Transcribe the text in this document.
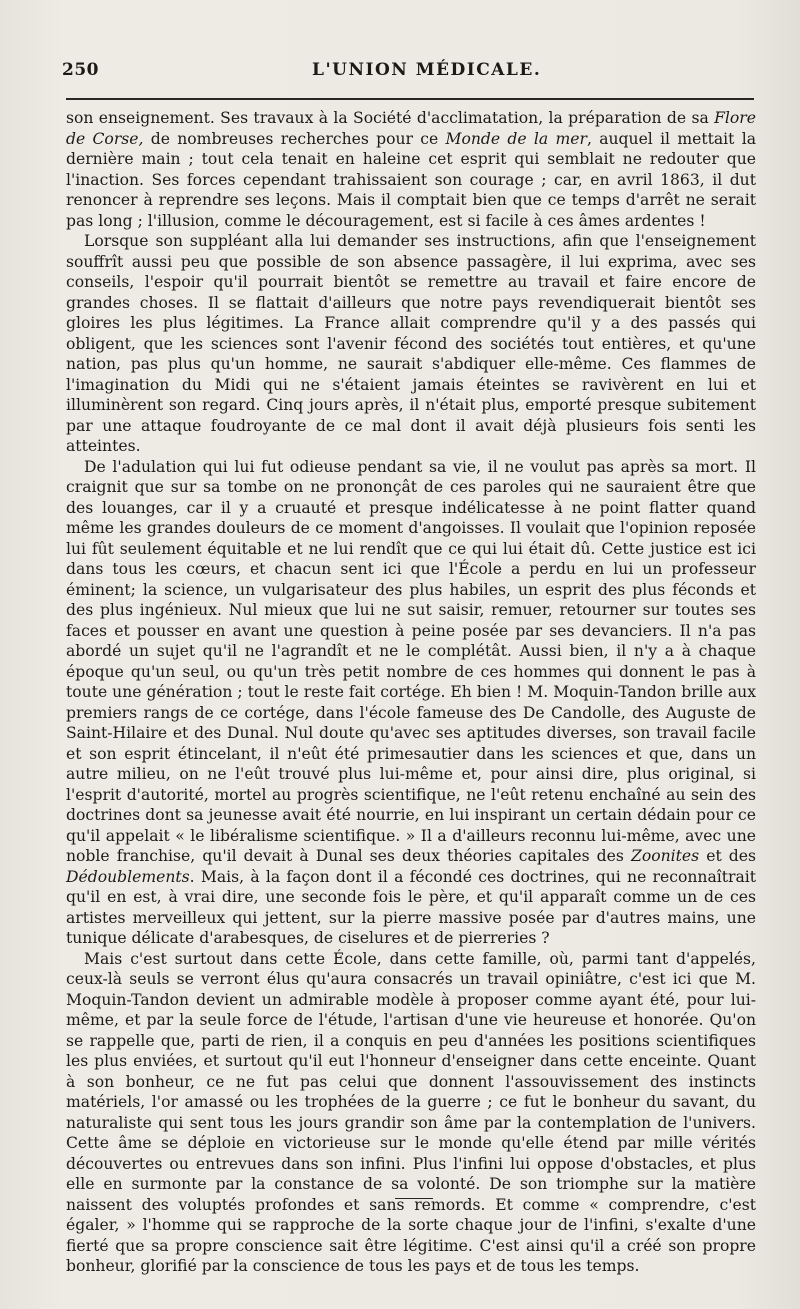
250	L'UNION MÉDICALE.

son enseignement. Ses travaux à la Société d'acclimatation, la préparation de sa Flore de Corse, de nombreuses recherches pour ce Monde de la mer, auquel il mettait la dernière main ; tout cela tenait en haleine cet esprit qui semblait ne redouter que l'inaction. Ses forces cependant trahissaient son courage ; car, en avril 1863, il dut renoncer à reprendre ses leçons. Mais il comptait bien que ce temps d'arrêt ne serait pas long ; l'illusion, comme le découragement, est si facile à ces âmes ardentes !

Lorsque son suppléant alla lui demander ses instructions, afin que l'enseignement souffrît aussi peu que possible de son absence passagère, il lui exprima, avec ses conseils, l'espoir qu'il pourrait bientôt se remettre au travail et faire encore de grandes choses. Il se flattait d'ailleurs que notre pays revendiquerait bientôt ses gloires les plus légitimes. La France allait comprendre qu'il y a des passés qui obligent, que les sciences sont l'avenir fécond des sociétés tout entières, et qu'une nation, pas plus qu'un homme, ne saurait s'abdiquer elle-même. Ces flammes de l'imagination du Midi qui ne s'étaient jamais éteintes se ravivèrent en lui et illuminèrent son regard. Cinq jours après, il n'était plus, emporté presque subitement par une attaque foudroyante de ce mal dont il avait déjà plusieurs fois senti les atteintes.

De l'adulation qui lui fut odieuse pendant sa vie, il ne voulut pas après sa mort. Il craignit que sur sa tombe on ne prononçât de ces paroles qui ne sauraient être que des louanges, car il y a cruauté et presque indélicatesse à ne point flatter quand même les grandes douleurs de ce moment d'angoisses. Il voulait que l'opinion reposée lui fût seulement équitable et ne lui rendît que ce qui lui était dû. Cette justice est ici dans tous les cœurs, et chacun sent ici que l'École a perdu en lui un professeur éminent; la science, un vulgarisateur des plus habiles, un esprit des plus féconds et des plus ingénieux. Nul mieux que lui ne sut saisir, remuer, retourner sur toutes ses faces et pousser en avant une question à peine posée par ses devanciers. Il n'a pas abordé un sujet qu'il ne l'agrandît et ne le complétât. Aussi bien, il n'y a à chaque époque qu'un seul, ou qu'un très petit nombre de ces hommes qui donnent le pas à toute une génération ; tout le reste fait cortége. Eh bien ! M. Moquin-Tandon brille aux premiers rangs de ce cortége, dans l'école fameuse des De Candolle, des Auguste de Saint-Hilaire et des Dunal. Nul doute qu'avec ses aptitudes diverses, son travail facile et son esprit étincelant, il n'eût été primesautier dans les sciences et que, dans un autre milieu, on ne l'eût trouvé plus lui-même et, pour ainsi dire, plus original, si l'esprit d'autorité, mortel au progrès scientifique, ne l'eût retenu enchaîné au sein des doctrines dont sa jeunesse avait été nourrie, en lui inspirant un certain dédain pour ce qu'il appelait « le libéralisme scientifique. » Il a d'ailleurs reconnu lui-même, avec une noble franchise, qu'il devait à Dunal ses deux théories capitales des Zoonites et des Dédoublements. Mais, à la façon dont il a fécondé ces doctrines, qui ne reconnaîtrait qu'il en est, à vrai dire, une seconde fois le père, et qu'il apparaît comme un de ces artistes merveilleux qui jettent, sur la pierre massive posée par d'autres mains, une tunique délicate d'arabesques, de ciselures et de pierreries ?

Mais c'est surtout dans cette École, dans cette famille, où, parmi tant d'appelés, ceux-là seuls se verront élus qu'aura consacrés un travail opiniâtre, c'est ici que M. Moquin-Tandon devient un admirable modèle à proposer comme ayant été, pour lui-même, et par la seule force de l'étude, l'artisan d'une vie heureuse et honorée. Qu'on se rappelle que, parti de rien, il a conquis en peu d'années les positions scientifiques les plus enviées, et surtout qu'il eut l'honneur d'enseigner dans cette enceinte. Quant à son bonheur, ce ne fut pas celui que donnent l'assouvissement des instincts matériels, l'or amassé ou les trophées de la guerre ; ce fut le bonheur du savant, du naturaliste qui sent tous les jours grandir son âme par la contemplation de l'univers. Cette âme se déploie en victorieuse sur le monde qu'elle étend par mille vérités découvertes ou entrevues dans son infini. Plus l'infini lui oppose d'obstacles, et plus elle en surmonte par la constance de sa volonté. De son triomphe sur la matière naissent des voluptés profondes et sans remords. Et comme « comprendre, c'est égaler, » l'homme qui se rapproche de la sorte chaque jour de l'infini, s'exalte d'une fierté que sa propre conscience sait être légitime. C'est ainsi qu'il a créé son propre bonheur, glorifié par la conscience de tous les pays et de tous les temps.
